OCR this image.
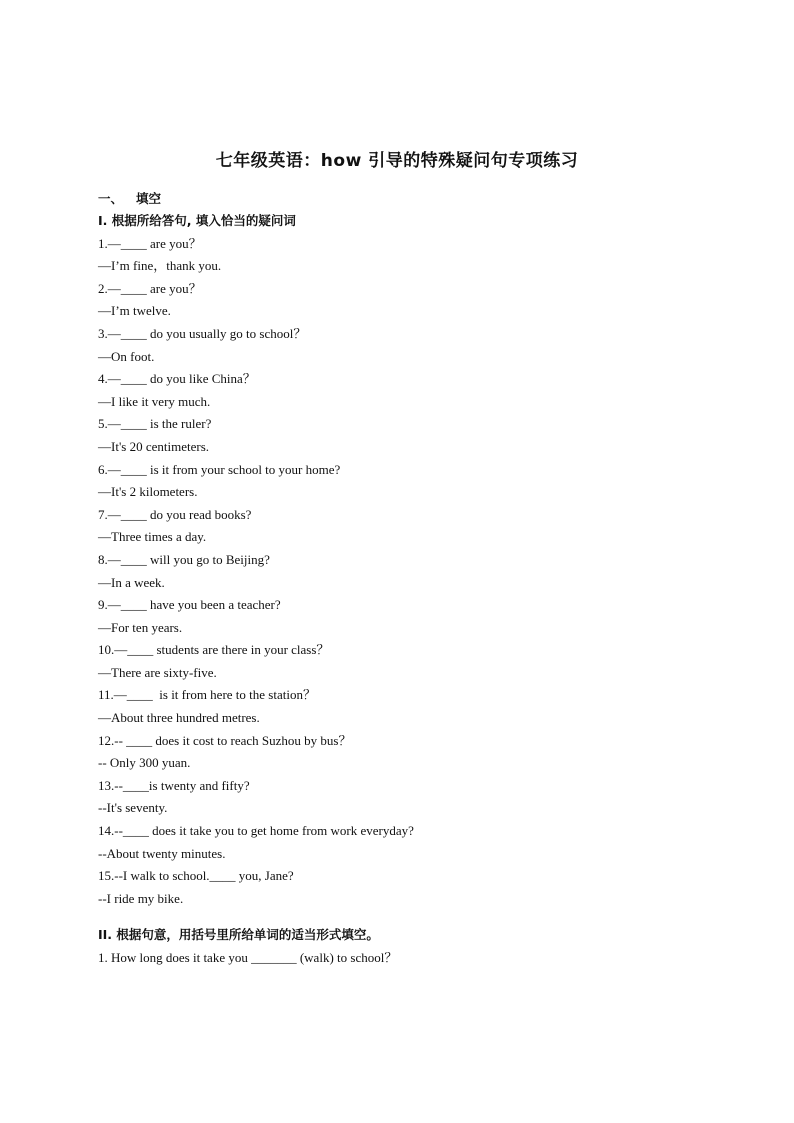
七年级英语：how 引导的特殊疑问句专项练习
一、   填空
I. 根据所给答句, 填入恰当的疑问词
1.—____ are you？
—I’m fine，thank you.
2.—____ are you？
—I’m twelve.
3.—____ do you usually go to school？
—On foot.
4.—____ do you like China？
—I like it very much.
5.—____ is the ruler?
—It's 20 centimeters.
6.—____ is it from your school to your home?
—It's 2 kilometers.
7.—____ do you read books?
—Three times a day.
8.—____ will you go to Beijing?
—In a week.
9.—____ have you been a teacher?
—For ten years.
10.—____ students are there in your class？
—There are sixty-five.
11.—____  is it from here to the station？
—About three hundred metres.
12.-- ____ does it cost to reach Suzhou by bus？
-- Only 300 yuan.
13.--____is twenty and fifty?
--It's seventy.
14.--____ does it take you to get home from work everyday?
--About twenty minutes.
15.--I walk to school.____ you, Jane?
--I ride my bike.
II. 根据句意，用括号里所给单词的适当形式填空。
1. How long does it take you _______ (walk) to school？
